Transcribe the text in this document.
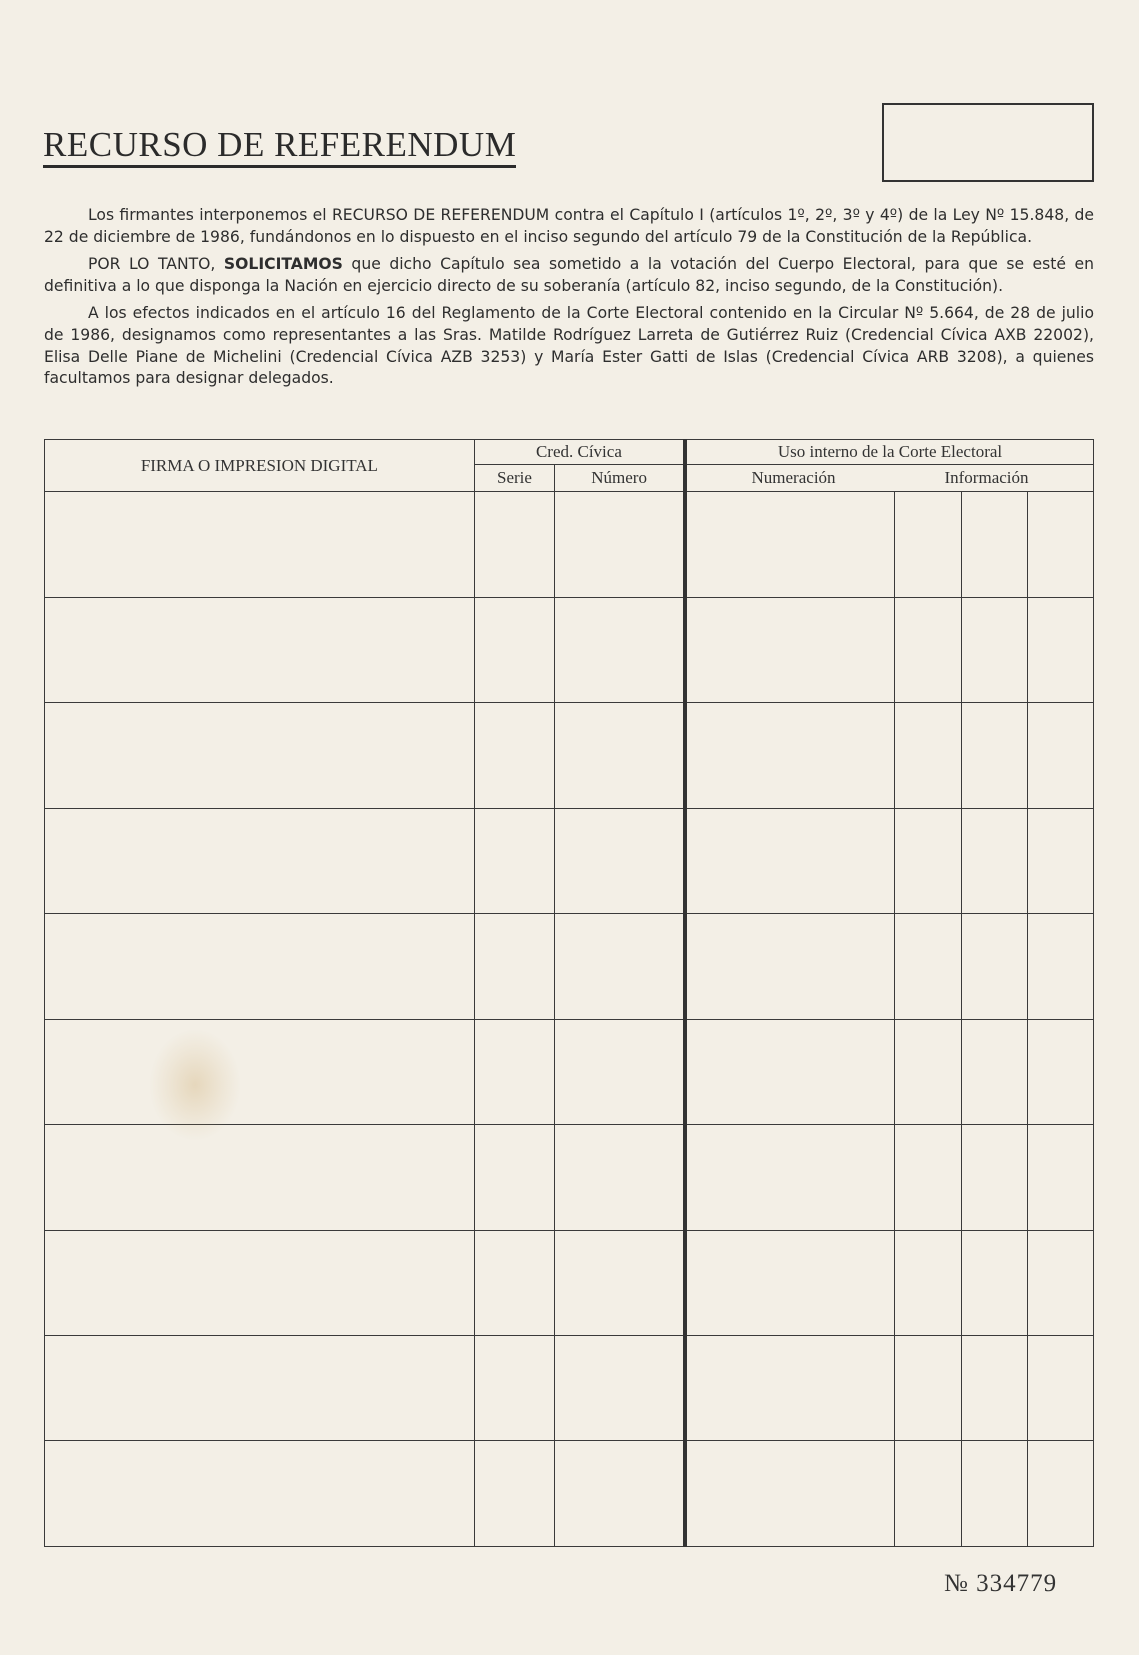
RECURSO DE REFERENDUM

Los firmantes interponemos el RECURSO DE REFERENDUM contra el Capítulo I (artículos 1º, 2º, 3º y 4º) de la Ley Nº 15.848, de 22 de diciembre de 1986, fundándonos en lo dispuesto en el inciso segundo del artículo 79 de la Constitución de la República.

POR LO TANTO, SOLICITAMOS que dicho Capítulo sea sometido a la votación del Cuerpo Electoral, para que se esté en definitiva a lo que disponga la Nación en ejercicio directo de su soberanía (artículo 82, inciso segundo, de la Constitución).

A los efectos indicados en el artículo 16 del Reglamento de la Corte Electoral contenido en la Circular Nº 5.664, de 28 de julio de 1986, designamos como representantes a las Sras. Matilde Rodríguez Larreta de Gutiérrez Ruiz (Credencial Cívica AXB 22002), Elisa Delle Piane de Michelini (Credencial Cívica AZB 3253) y María Ester Gatti de Islas (Credencial Cívica ARB 3208), a quienes facultamos para designar delegados.

FIRMA O IMPRESION DIGITAL	Cred. Cívica		Uso interno de la Corte Electoral			
	Serie	Número	Numeración Información			

№ 334779
